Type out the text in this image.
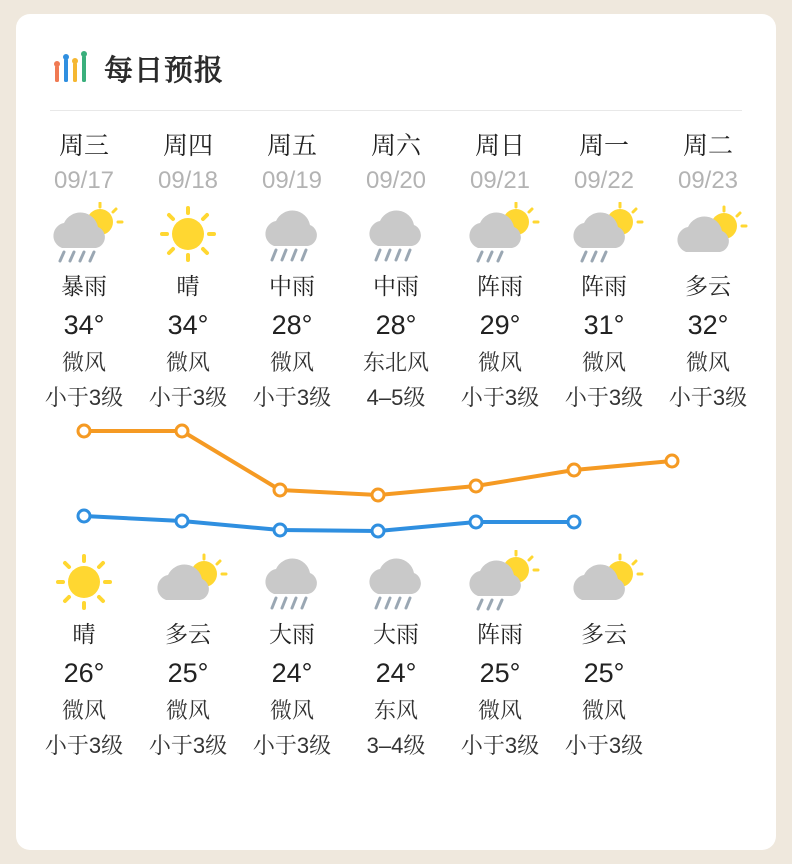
每日预报
周三
09/17
暴雨
34°
微风
小于3级
周四
09/18
晴
34°
微风
小于3级
周五
09/19
中雨
28°
微风
小于3级
周六
09/20
中雨
28°
东北风
4–5级
周日
09/21
阵雨
29°
微风
小于3级
周一
09/22
阵雨
31°
微风
小于3级
周二
09/23
多云
32°
微风
小于3级
晴
26°
微风
小于3级
多云
25°
微风
小于3级
大雨
24°
微风
小于3级
大雨
24°
东风
3–4级
阵雨
25°
微风
小于3级
多云
25°
微风
小于3级
